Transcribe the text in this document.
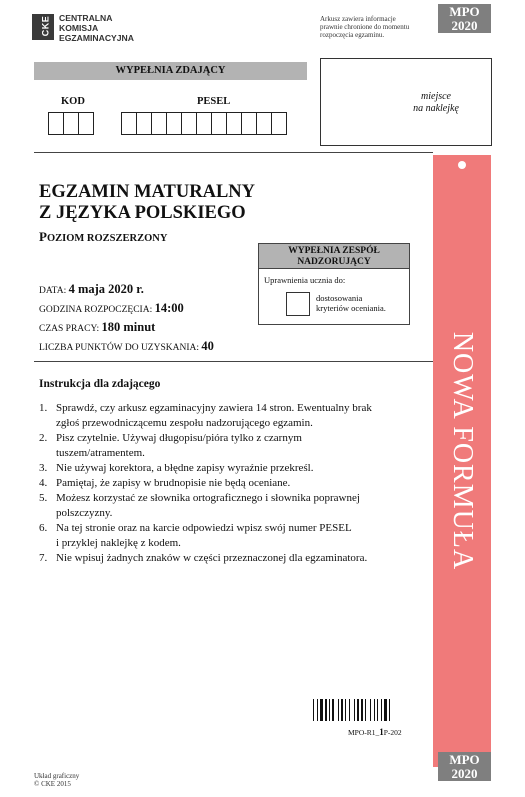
CKE CENTRALNA
KOMISJA
EGZAMINACYJNA
Arkusz zawiera informacje
prawnie chronione do momentu
rozpoczęcia egzaminu.
MPO
2020
WYPEŁNIA ZDAJĄCY
KOD	PESEL	miejsce
na naklejkę
NOWA FORMUŁA
EGZAMIN MATURALNY
Z JĘZYKA POLSKIEGO
POZIOM ROZSZERZONY
DATA: 4 maja 2020 r.
GODZINA ROZPOCZĘCIA: 14:00
CZAS PRACY: 180 minut
LICZBA PUNKTÓW DO UZYSKANIA: 40
WYPEŁNIA ZESPÓŁ
NADZORUJĄCY
Uprawnienia ucznia do:
dostosowania
kryteriów oceniania.
Instrukcja dla zdającego
1. Sprawdź, czy arkusz egzaminacyjny zawiera 14 stron. Ewentualny brak
zgłoś przewodniczącemu zespołu nadzorującego egzamin.
2. Pisz czytelnie. Używaj długopisu/pióra tylko z czarnym
tuszem/atramentem.
3. Nie używaj korektora, a błędne zapisy wyraźnie przekreśl.
4. Pamiętaj, że zapisy w brudnopisie nie będą oceniane.
5. Możesz korzystać ze słownika ortograficznego i słownika poprawnej
polszczyzny.
6. Na tej stronie oraz na karcie odpowiedzi wpisz swój numer PESEL
i przyklej naklejkę z kodem.
7. Nie wpisuj żadnych znaków w części przeznaczonej dla egzaminatora.
MPO-R1_1P-202
MPO
2020
Układ graficzny
© CKE 2015
